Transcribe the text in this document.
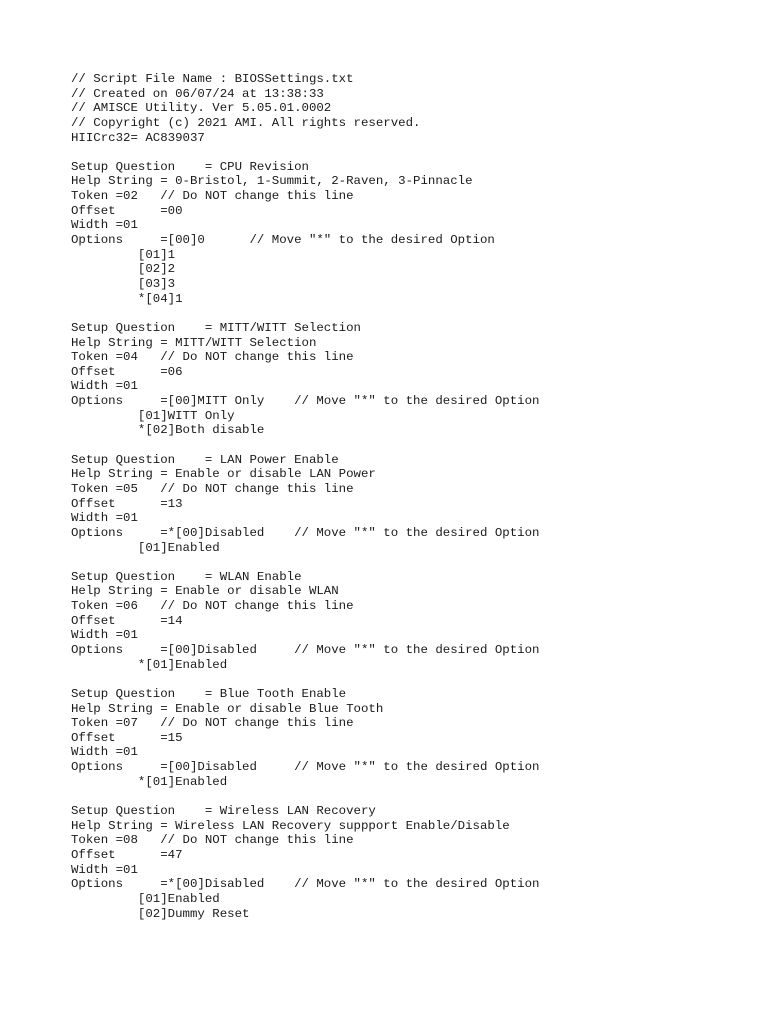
// Script File Name : BIOSSettings.txt
// Created on 06/07/24 at 13:38:33
// AMISCE Utility. Ver 5.05.01.0002
// Copyright (c) 2021 AMI. All rights reserved.
HIICrc32= AC839037
Setup Question    = CPU Revision
Help String = 0-Bristol, 1-Summit, 2-Raven, 3-Pinnacle
Token =02   // Do NOT change this line
Offset      =00
Width =01
Options     =[00]0      // Move "*" to the desired Option
[01]1
[02]2
[03]3
*[04]1
Setup Question    = MITT/WITT Selection
Help String = MITT/WITT Selection
Token =04   // Do NOT change this line
Offset      =06
Width =01
Options     =[00]MITT Only    // Move "*" to the desired Option
[01]WITT Only
*[02]Both disable
Setup Question    = LAN Power Enable
Help String = Enable or disable LAN Power
Token =05   // Do NOT change this line
Offset      =13
Width =01
Options     =*[00]Disabled    // Move "*" to the desired Option
[01]Enabled
Setup Question    = WLAN Enable
Help String = Enable or disable WLAN
Token =06   // Do NOT change this line
Offset      =14
Width =01
Options     =[00]Disabled     // Move "*" to the desired Option
*[01]Enabled
Setup Question    = Blue Tooth Enable
Help String = Enable or disable Blue Tooth
Token =07   // Do NOT change this line
Offset      =15
Width =01
Options     =[00]Disabled     // Move "*" to the desired Option
*[01]Enabled
Setup Question    = Wireless LAN Recovery
Help String = Wireless LAN Recovery suppport Enable/Disable
Token =08   // Do NOT change this line
Offset      =47
Width =01
Options     =*[00]Disabled    // Move "*" to the desired Option
[01]Enabled
[02]Dummy Reset
